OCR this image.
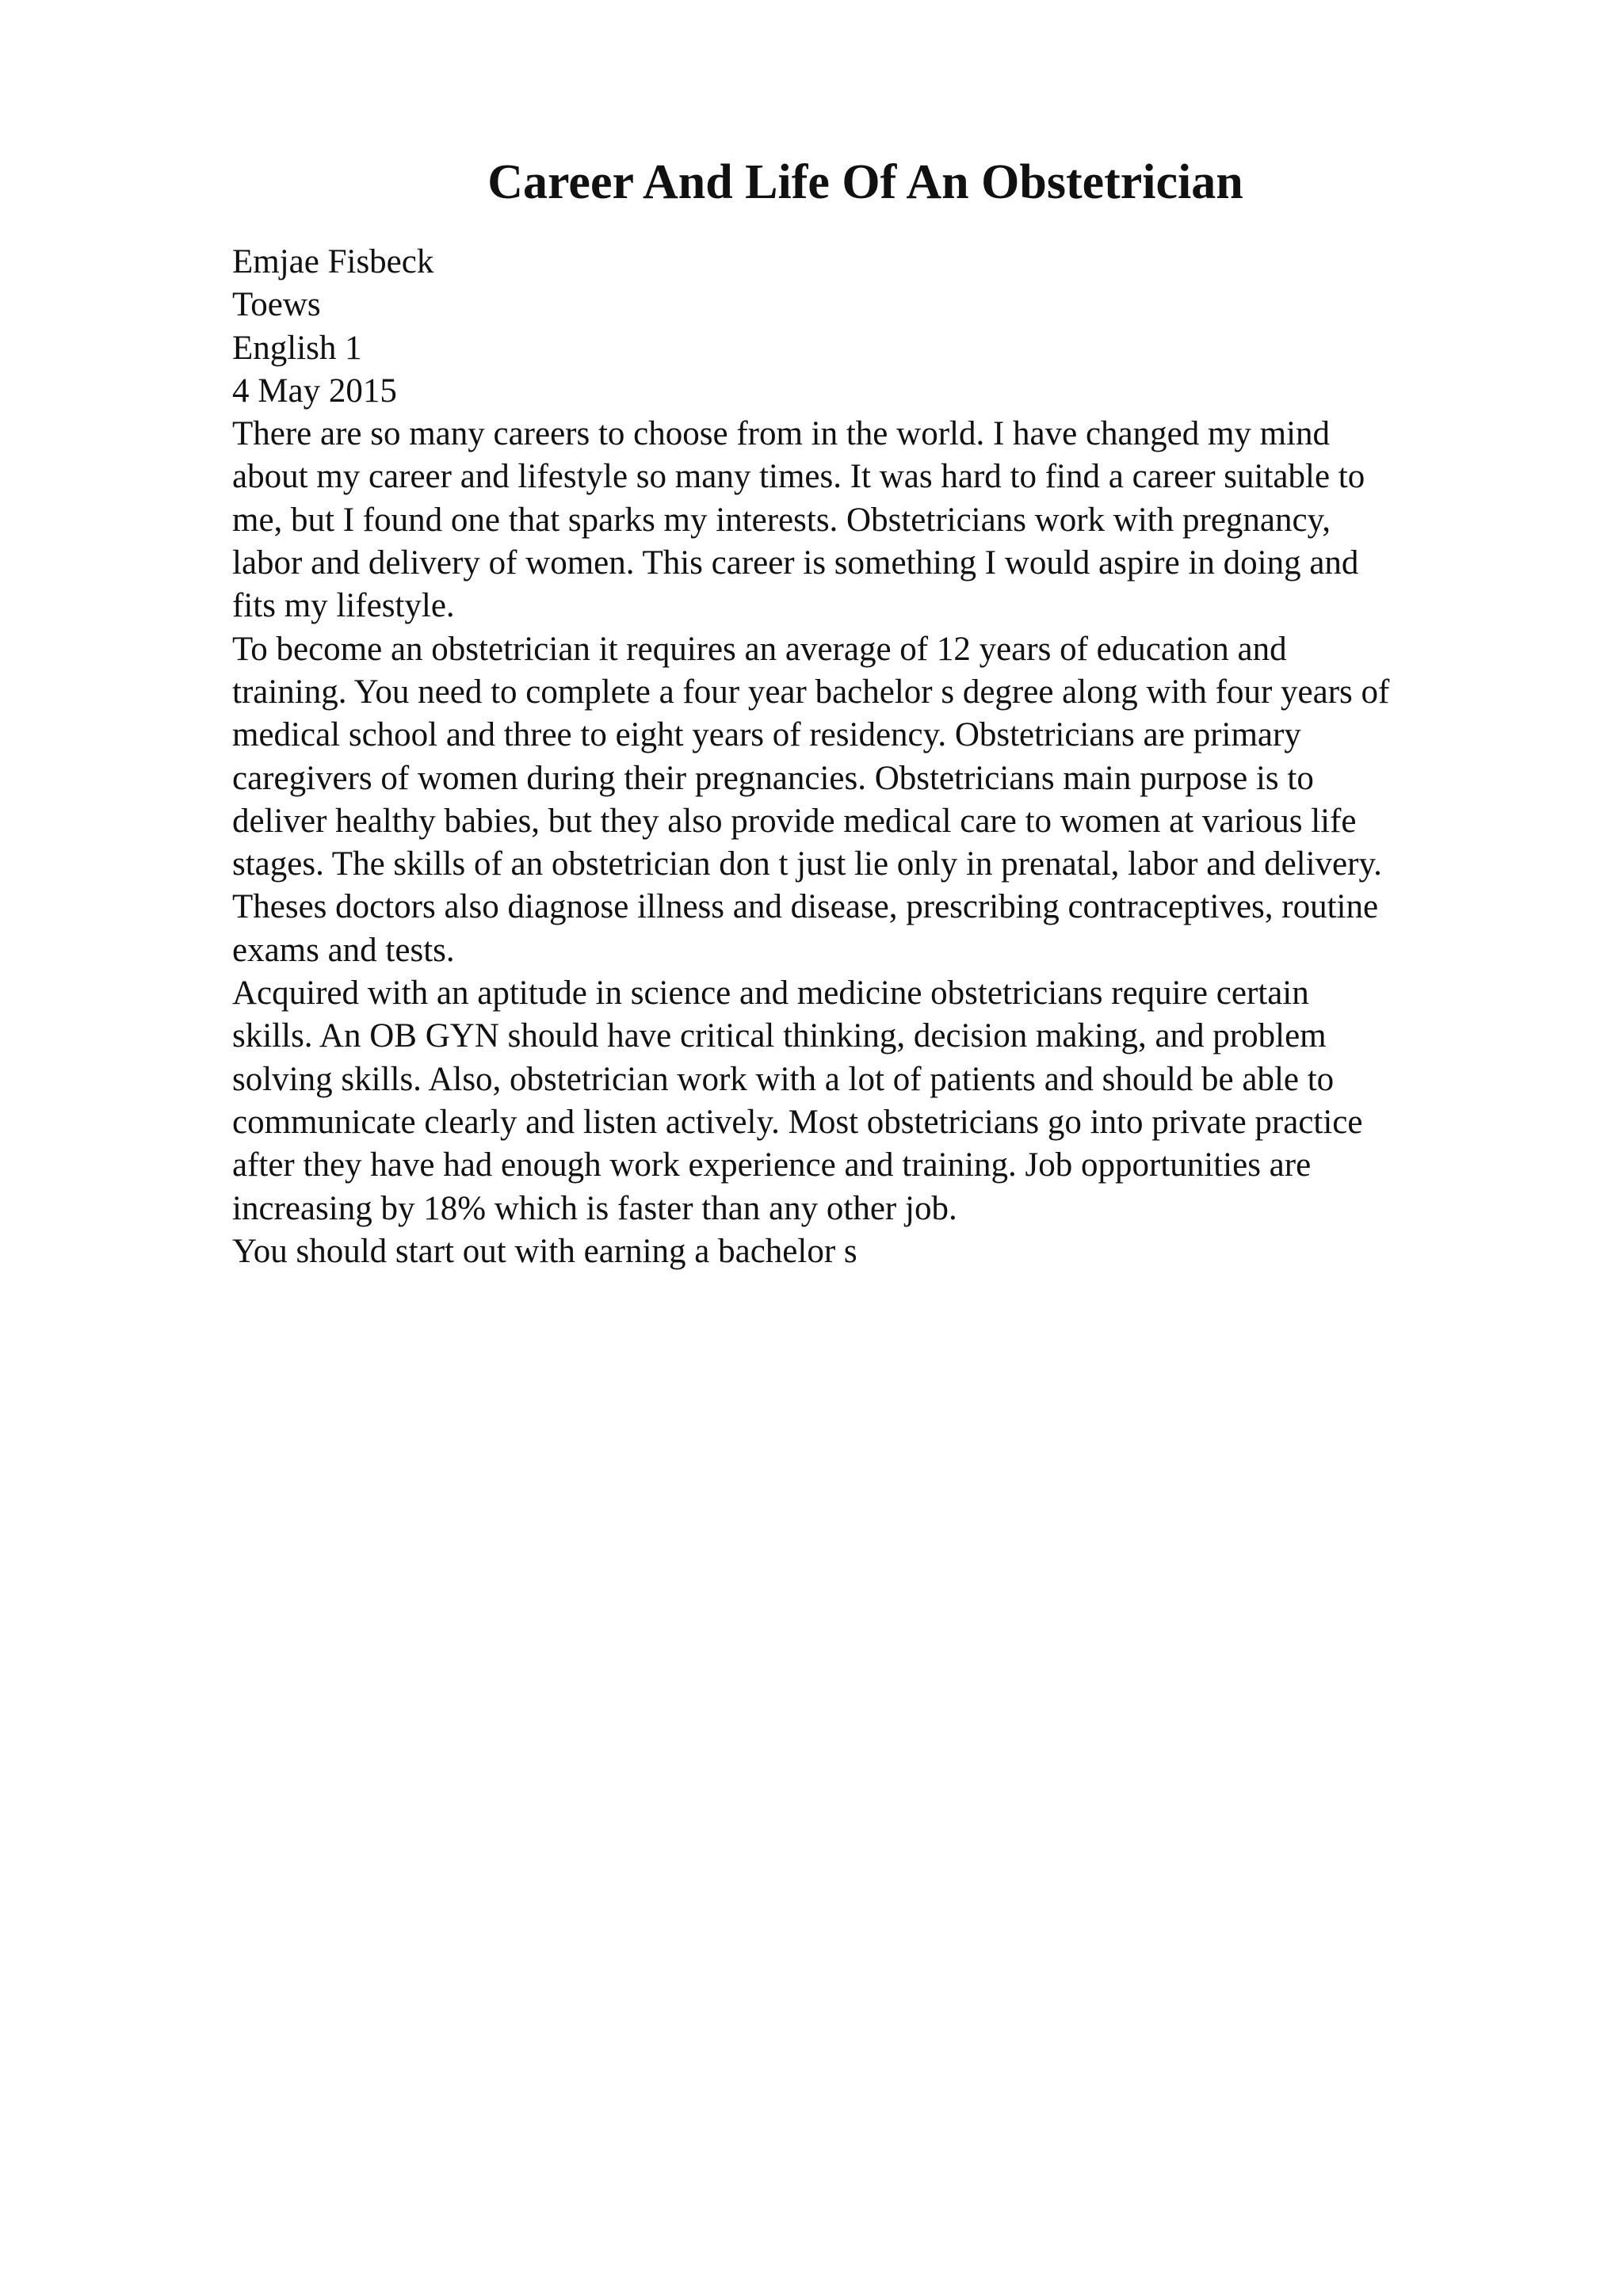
Career And Life Of An Obstetrician
Emjae Fisbeck
Toews
English 1
4 May 2015
There are so many careers to choose from in the world. I have changed my mind
about my career and lifestyle so many times. It was hard to find a career suitable to
me, but I found one that sparks my interests. Obstetricians work with pregnancy,
labor and delivery of women. This career is something I would aspire in doing and
fits my lifestyle.
To become an obstetrician it requires an average of 12 years of education and
training. You need to complete a four year bachelor s degree along with four years of
medical school and three to eight years of residency. Obstetricians are primary
caregivers of women during their pregnancies. Obstetricians main purpose is to
deliver healthy babies, but they also provide medical care to women at various life
stages. The skills of an obstetrician don t just lie only in prenatal, labor and delivery.
Theses doctors also diagnose illness and disease, prescribing contraceptives, routine
exams and tests.
Acquired with an aptitude in science and medicine obstetricians require certain
skills. An OB GYN should have critical thinking, decision making, and problem
solving skills. Also, obstetrician work with a lot of patients and should be able to
communicate clearly and listen actively. Most obstetricians go into private practice
after they have had enough work experience and training. Job opportunities are
increasing by 18% which is faster than any other job.
You should start out with earning a bachelor s
